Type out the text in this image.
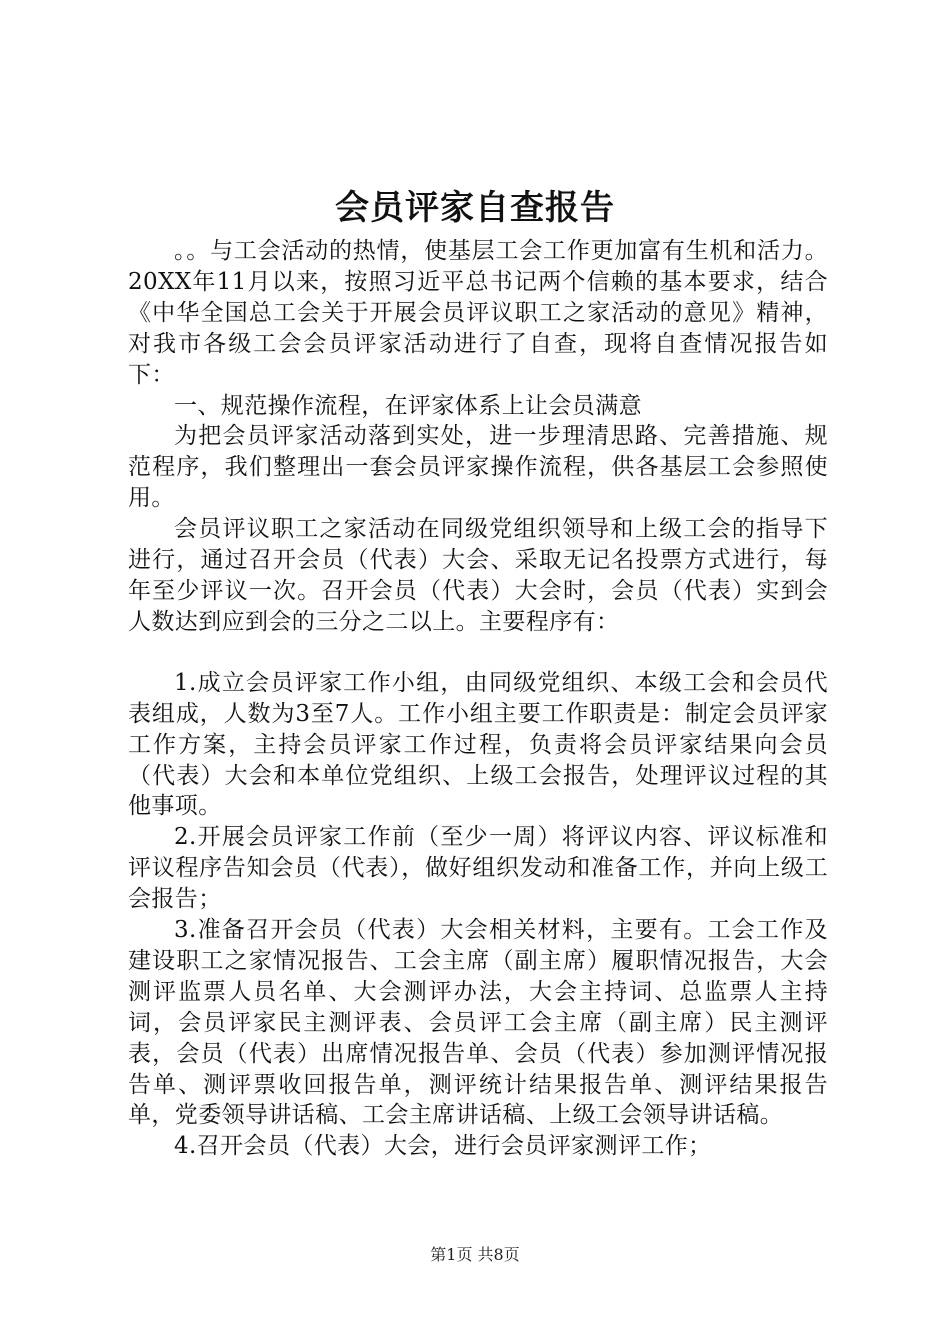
会员评家自查报告

。。与工会活动的热情，使基层工会工作更加富有生机和活力。20XX年11月以来，按照习近平总书记两个信赖的基本要求，结合《中华全国总工会关于开展会员评议职工之家活动的意见》精神，对我市各级工会会员评家活动进行了自查，现将自查情况报告如下：

一、规范操作流程，在评家体系上让会员满意

为把会员评家活动落到实处，进一步理清思路、完善措施、规范程序，我们整理出一套会员评家操作流程，供各基层工会参照使用。

会员评议职工之家活动在同级党组织领导和上级工会的指导下进行，通过召开会员（代表）大会、采取无记名投票方式进行，每年至少评议一次。召开会员（代表）大会时，会员（代表）实到会人数达到应到会的三分之二以上。主要程序有：

1.成立会员评家工作小组，由同级党组织、本级工会和会员代表组成，人数为3至7人。工作小组主要工作职责是：制定会员评家工作方案，主持会员评家工作过程，负责将会员评家结果向会员（代表）大会和本单位党组织、上级工会报告，处理评议过程的其他事项。

2.开展会员评家工作前（至少一周）将评议内容、评议标准和评议程序告知会员（代表），做好组织发动和准备工作，并向上级工会报告；

3.准备召开会员（代表）大会相关材料，主要有。工会工作及建设职工之家情况报告、工会主席（副主席）履职情况报告，大会测评监票人员名单、大会测评办法，大会主持词、总监票人主持词，会员评家民主测评表、会员评工会主席（副主席）民主测评表，会员（代表）出席情况报告单、会员（代表）参加测评情况报告单、测评票收回报告单，测评统计结果报告单、测评结果报告单，党委领导讲话稿、工会主席讲话稿、上级工会领导讲话稿。

4.召开会员（代表）大会，进行会员评家测评工作；

第1页 共8页
